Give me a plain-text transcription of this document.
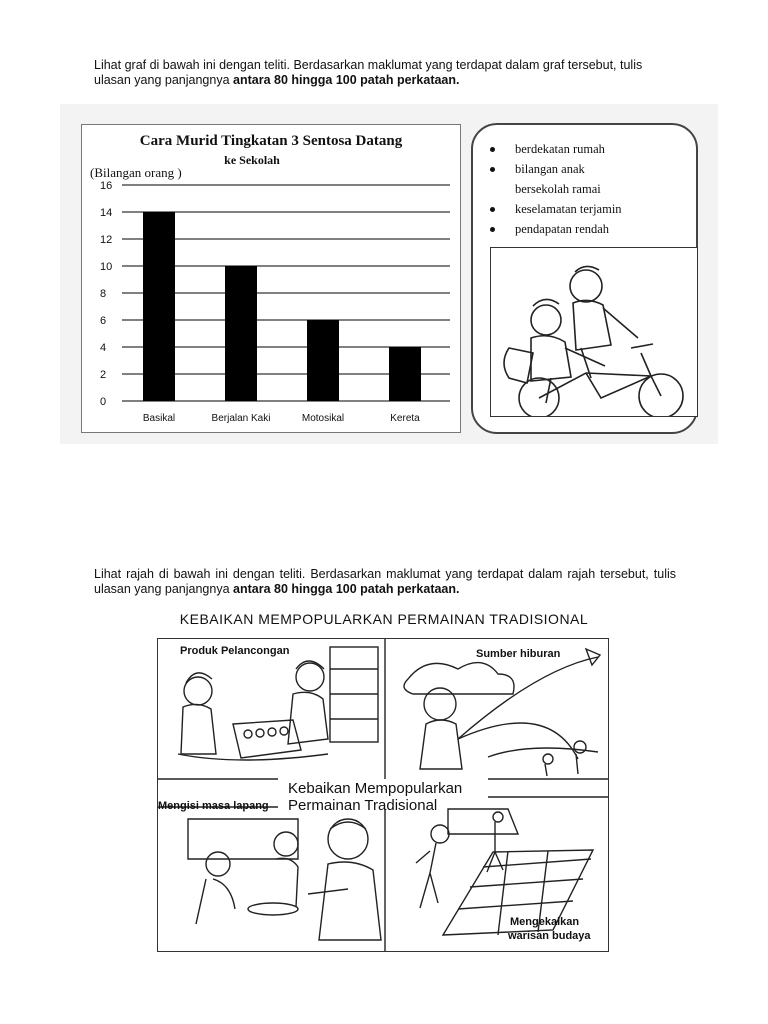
Lihat graf di bawah ini dengan teliti. Berdasarkan maklumat yang terdapat dalam graf tersebut, tulis ulasan yang panjangnya antara 80 hingga 100 patah perkataan.
0
2
4
6
8
10
12
14
16
Basikal	Berjalan Kaki	Motosikal	Kereta
Cara Murid Tingkatan 3 Sentosa Datang
ke Sekolah
(Bilangan orang )
berdekatan rumah
bilangan anak
bersekolah ramai
keselamatan terjamin
pendapatan rendah
Lihat rajah di bawah ini dengan teliti. Berdasarkan maklumat yang terdapat dalam rajah tersebut, tulis ulasan yang panjangnya antara 80 hingga 100 patah perkataan.
KEBAIKAN MEMPOPULARKAN PERMAINAN TRADISIONAL
Produk Pelancongan	Sumber hiburan
Mengisi masa lapang
Mengekalkan
warisan budaya
Kebaikan Mempopularkan
Permainan Tradisional
